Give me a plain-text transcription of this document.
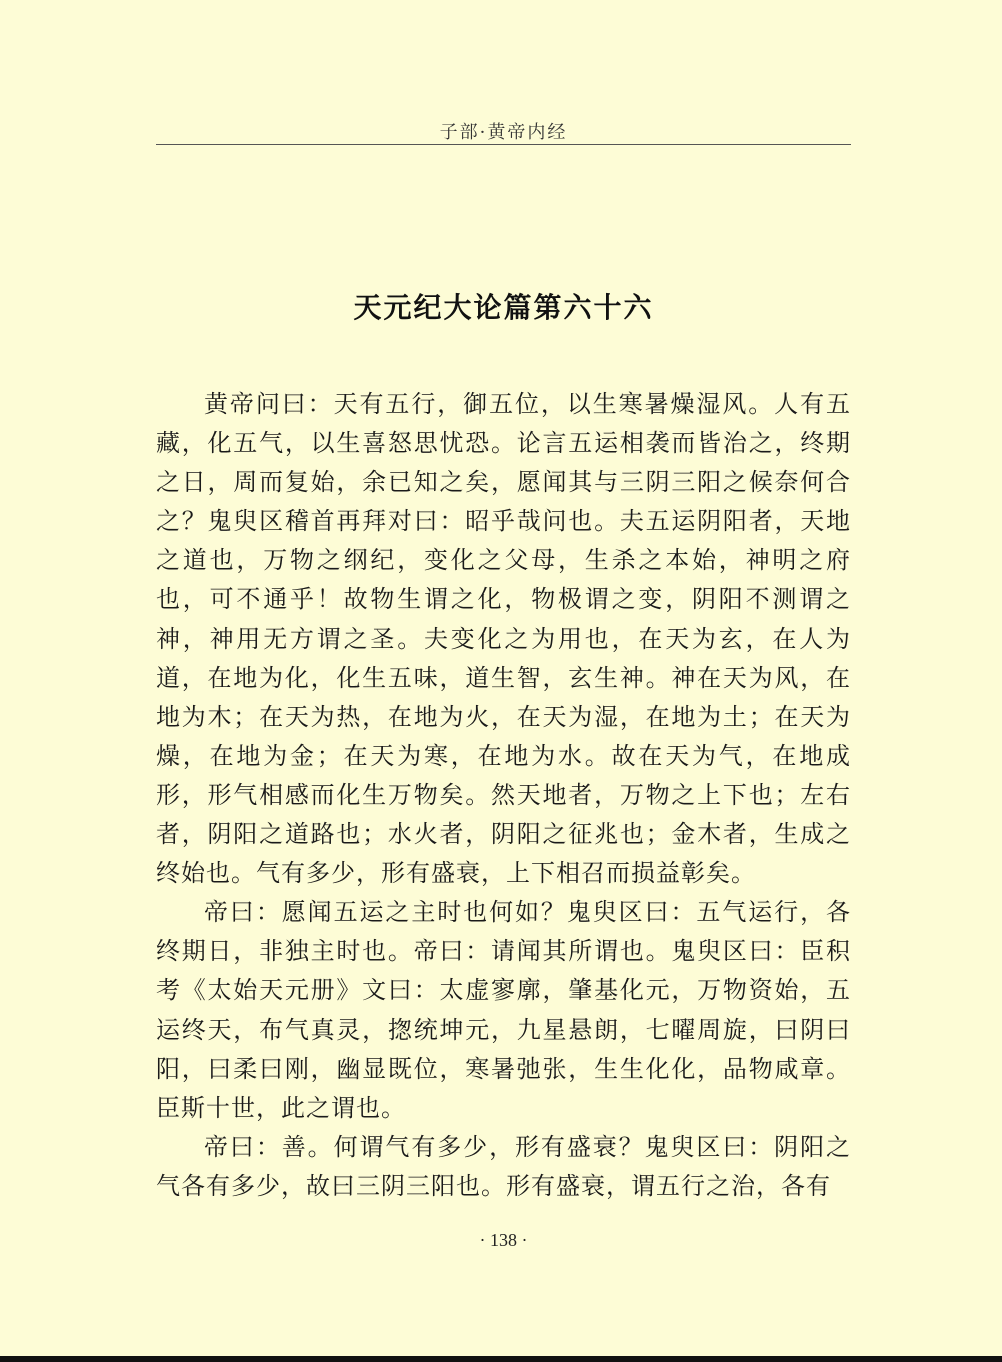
子部·黄帝内经
天元纪大论篇第六十六

黄帝问曰：天有五行，御五位，以生寒暑燥湿风。人有五藏，化五气，以生喜怒思忧恐。论言五运相袭而皆治之，终期之日，周而复始，余已知之矣，愿闻其与三阴三阳之候奈何合之？鬼臾区稽首再拜对曰：昭乎哉问也。夫五运阴阳者，天地之道也，万物之纲纪，变化之父母，生杀之本始，神明之府也，可不通乎！故物生谓之化，物极谓之变，阴阳不测谓之神，神用无方谓之圣。夫变化之为用也，在天为玄，在人为道，在地为化，化生五味，道生智，玄生神。神在天为风，在地为木；在天为热，在地为火，在天为湿，在地为土；在天为燥，在地为金；在天为寒，在地为水。故在天为气，在地成形，形气相感而化生万物矣。然天地者，万物之上下也；左右者，阴阳之道路也；水火者，阴阳之征兆也；金木者，生成之终始也。气有多少，形有盛衰，上下相召而损益彰矣。

帝曰：愿闻五运之主时也何如？鬼臾区曰：五气运行，各终期日，非独主时也。帝曰：请闻其所谓也。鬼臾区曰：臣积考《太始天元册》文曰：太虚寥廓，肇基化元，万物资始，五运终天，布气真灵，揔统坤元，九星悬朗，七曜周旋，曰阴曰阳，曰柔曰刚，幽显既位，寒暑弛张，生生化化，品物咸章。臣斯十世，此之谓也。

帝曰：善。何谓气有多少，形有盛衰？鬼臾区曰：阴阳之气各有多少，故曰三阴三阳也。形有盛衰，谓五行之治，各有

· 138 ·
